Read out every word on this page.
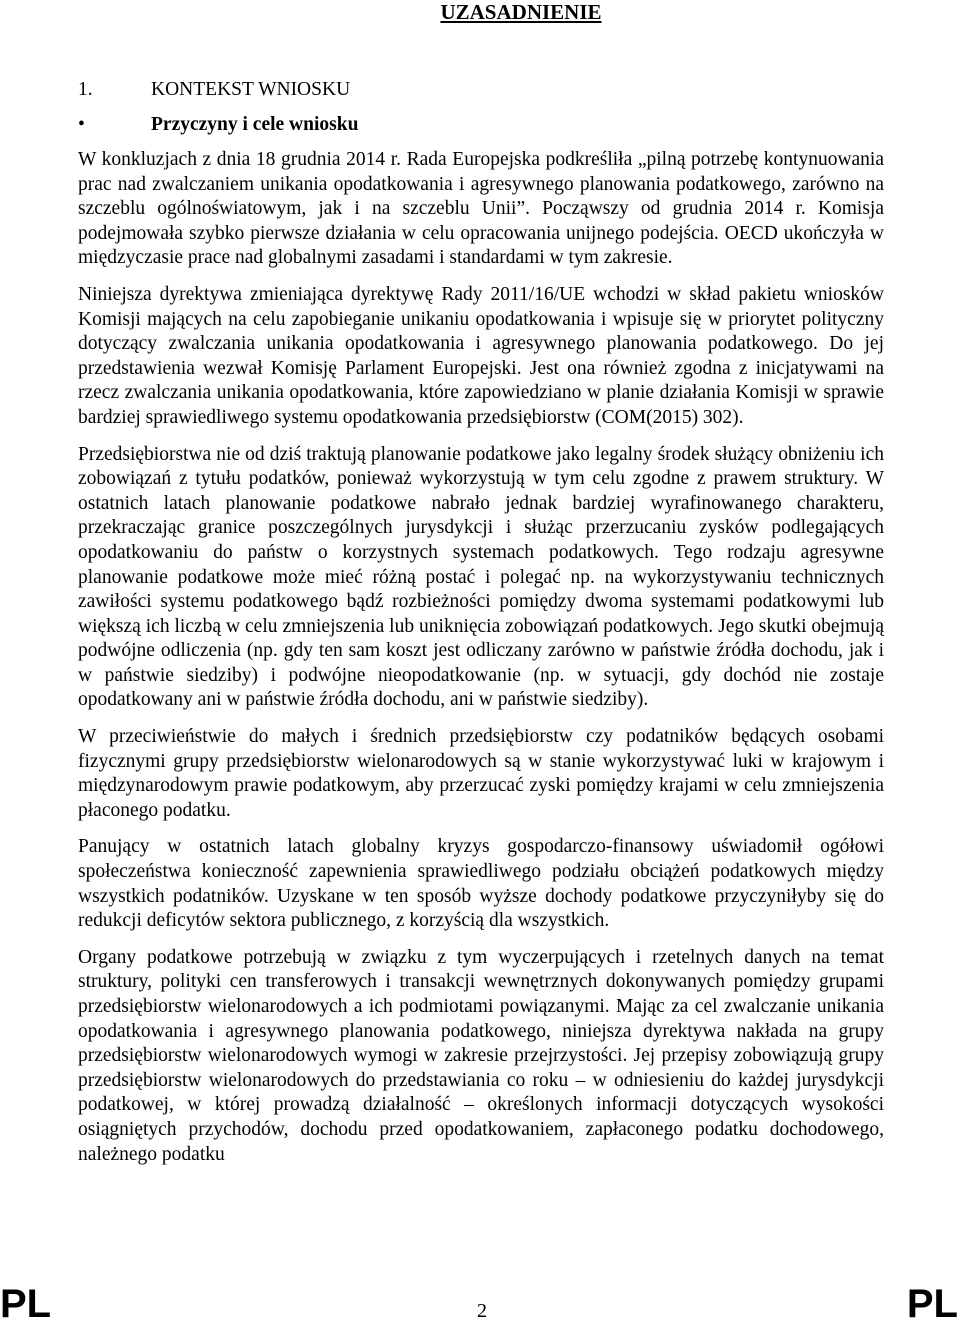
UZASADNIENIE
1.	KONTEKST WNIOSKU
•	Przyczyny i cele wniosku

W konkluzjach z dnia 18 grudnia 2014 r. Rada Europejska podkreśliła „pilną potrzebę kontynuowania prac nad zwalczaniem unikania opodatkowania i agresywnego planowania podatkowego, zarówno na szczeblu ogólnoświatowym, jak i na szczeblu Unii”. Począwszy od grudnia 2014 r. Komisja podejmowała szybko pierwsze działania w celu opracowania unijnego podejścia. OECD ukończyła w międzyczasie prace nad globalnymi zasadami i standardami w tym zakresie.

Niniejsza dyrektywa zmieniająca dyrektywę Rady 2011/16/UE wchodzi w skład pakietu wniosków Komisji mających na celu zapobieganie unikaniu opodatkowania i wpisuje się w priorytet polityczny dotyczący zwalczania unikania opodatkowania i agresywnego planowania podatkowego. Do jej przedstawienia wezwał Komisję Parlament Europejski. Jest ona również zgodna z inicjatywami na rzecz zwalczania unikania opodatkowania, które zapowiedziano w planie działania Komisji w sprawie bardziej sprawiedliwego systemu opodatkowania przedsiębiorstw (COM(2015) 302).

Przedsiębiorstwa nie od dziś traktują planowanie podatkowe jako legalny środek służący obniżeniu ich zobowiązań z tytułu podatków, ponieważ wykorzystują w tym celu zgodne z prawem struktury. W ostatnich latach planowanie podatkowe nabrało jednak bardziej wyrafinowanego charakteru, przekraczając granice poszczególnych jurysdykcji i służąc przerzucaniu zysków podlegających opodatkowaniu do państw o korzystnych systemach podatkowych. Tego rodzaju agresywne planowanie podatkowe może mieć różną postać i polegać np. na wykorzystywaniu technicznych zawiłości systemu podatkowego bądź rozbieżności pomiędzy dwoma systemami podatkowymi lub większą ich liczbą w celu zmniejszenia lub uniknięcia zobowiązań podatkowych. Jego skutki obejmują podwójne odliczenia (np. gdy ten sam koszt jest odliczany zarówno w państwie źródła dochodu, jak i w państwie siedziby) i podwójne nieopodatkowanie (np. w sytuacji, gdy dochód nie zostaje opodatkowany ani w państwie źródła dochodu, ani w państwie siedziby).

W przeciwieństwie do małych i średnich przedsiębiorstw czy podatników będących osobami fizycznymi grupy przedsiębiorstw wielonarodowych są w stanie wykorzystywać luki w krajowym i międzynarodowym prawie podatkowym, aby przerzucać zyski pomiędzy krajami w celu zmniejszenia płaconego podatku.

Panujący w ostatnich latach globalny kryzys gospodarczo-finansowy uświadomił ogółowi społeczeństwa konieczność zapewnienia sprawiedliwego podziału obciążeń podatkowych między wszystkich podatników. Uzyskane w ten sposób wyższe dochody podatkowe przyczyniłyby się do redukcji deficytów sektora publicznego, z korzyścią dla wszystkich.

Organy podatkowe potrzebują w związku z tym wyczerpujących i rzetelnych danych na temat struktury, polityki cen transferowych i transakcji wewnętrznych dokonywanych pomiędzy grupami przedsiębiorstw wielonarodowych a ich podmiotami powiązanymi. Mając za cel zwalczanie unikania opodatkowania i agresywnego planowania podatkowego, niniejsza dyrektywa nakłada na grupy przedsiębiorstw wielonarodowych wymogi w zakresie przejrzystości. Jej przepisy zobowiązują grupy przedsiębiorstw wielonarodowych do przedstawiania co roku – w odniesieniu do każdej jurysdykcji podatkowej, w której prowadzą działalność – określonych informacji dotyczących wysokości osiągniętych przychodów, dochodu przed opodatkowaniem, zapłaconego podatku dochodowego, należnego podatku

PL	2	PL
